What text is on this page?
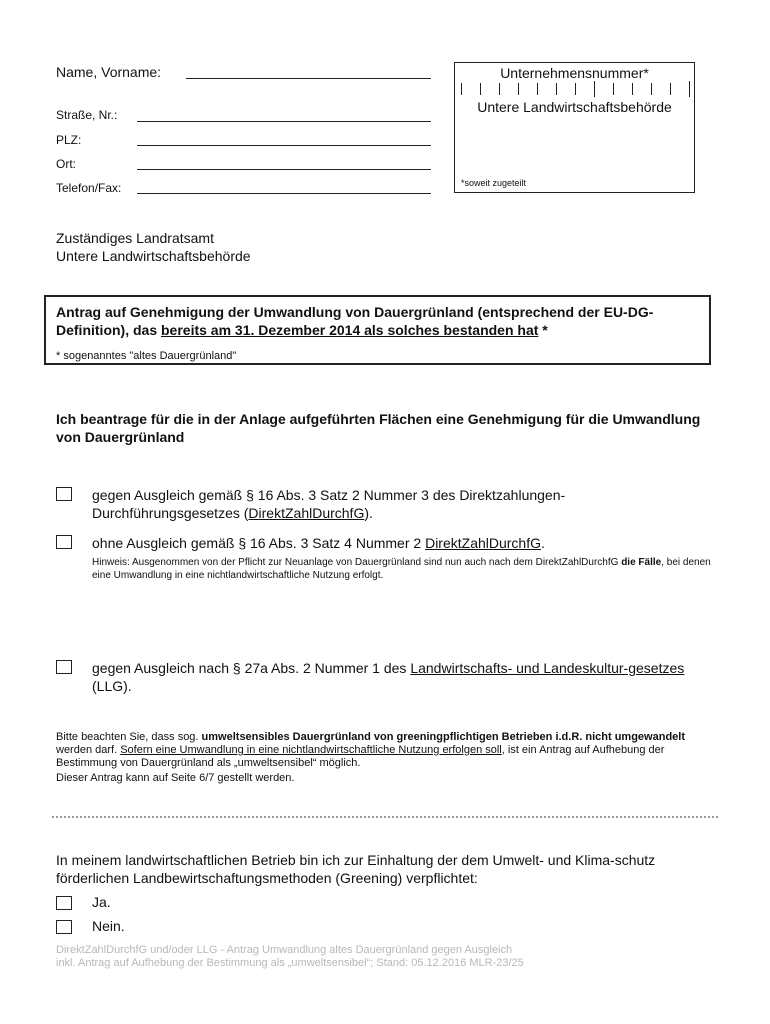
Name, Vorname:
Straße, Nr.:
PLZ:
Ort:
Telefon/Fax:
Unternehmensnummer*
Untere Landwirtschaftsbehörde
*soweit zugeteilt
Zuständiges Landratsamt
Untere Landwirtschaftsbehörde
Antrag auf Genehmigung der Umwandlung von Dauergrünland (entsprechend der EU-DG-Definition), das bereits am 31. Dezember 2014 als solches bestanden hat *
* sogenanntes "altes Dauergrünland"
Ich beantrage für die in der Anlage aufgeführten Flächen eine Genehmigung für die Umwandlung von Dauergrünland
gegen Ausgleich gemäß § 16 Abs. 3 Satz 2 Nummer 3 des Direktzahlungen-Durchführungsgesetzes (DirektZahlDurchfG).
ohne Ausgleich gemäß § 16 Abs. 3 Satz 4 Nummer 2 DirektZahlDurchfG.
Hinweis: Ausgenommen von der Pflicht zur Neuanlage von Dauergrünland sind nun auch nach dem DirektZahlDurchfG die Fälle, bei denen eine Umwandlung in eine nichtlandwirtschaftliche Nutzung erfolgt.
gegen Ausgleich nach § 27a Abs. 2 Nummer 1 des Landwirtschafts- und Landeskultur-gesetzes (LLG).
Bitte beachten Sie, dass sog. umweltsensibles Dauergrünland von greeningpflichtigen Betrieben i.d.R. nicht umgewandelt werden darf. Sofern eine Umwandlung in eine nichtlandwirtschaftliche Nutzung erfolgen soll, ist ein Antrag auf Aufhebung der Bestimmung von Dauergrünland als „umweltsensibel“ möglich.
Dieser Antrag kann auf Seite 6/7 gestellt werden.
In meinem landwirtschaftlichen Betrieb bin ich zur Einhaltung der dem Umwelt- und Klima-schutz förderlichen Landbewirtschaftungsmethoden (Greening) verpflichtet:
Ja.
Nein.
DirektZahlDurchfG und/oder LLG - Antrag Umwandlung altes Dauergrünland gegen Ausgleich
inkl. Antrag auf Aufhebung der Bestimmung als „umweltsensibel“; Stand: 05.12.2016 MLR-23/25
